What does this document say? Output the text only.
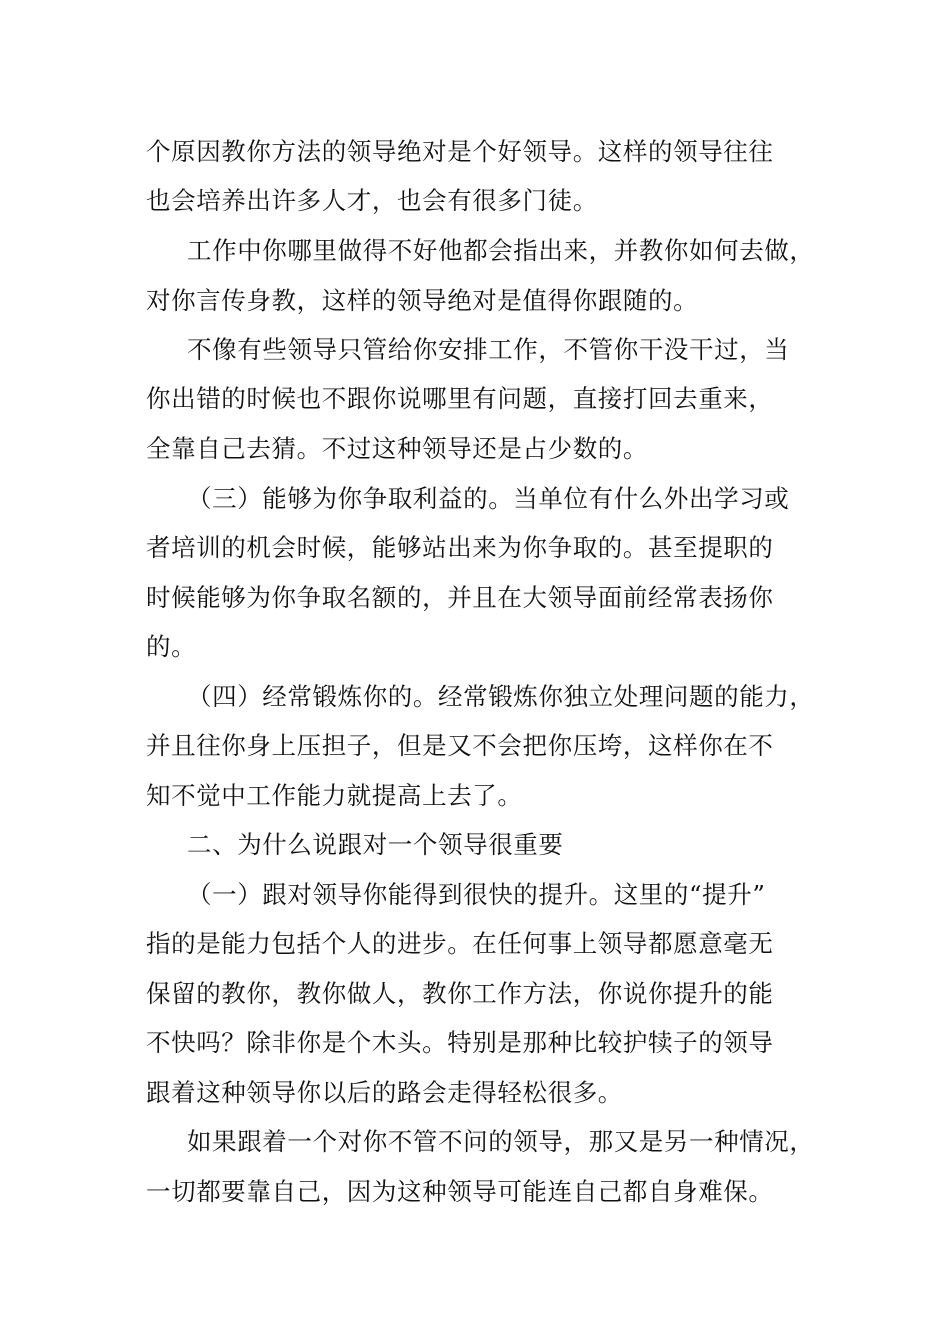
个原因教你方法的领导绝对是个好领导。这样的领导往往
也会培养出许多人才，也会有很多门徒。
工作中你哪里做得不好他都会指出来，并教你如何去做，
对你言传身教，这样的领导绝对是值得你跟随的。
不像有些领导只管给你安排工作，不管你干没干过，当
你出错的时候也不跟你说哪里有问题，直接打回去重来，
全靠自己去猜。不过这种领导还是占少数的。
（三）能够为你争取利益的。当单位有什么外出学习或
者培训的机会时候，能够站出来为你争取的。甚至提职的
时候能够为你争取名额的，并且在大领导面前经常表扬你
的。
（四）经常锻炼你的。经常锻炼你独立处理问题的能力，
并且往你身上压担子，但是又不会把你压垮，这样你在不
知不觉中工作能力就提高上去了。
二、为什么说跟对一个领导很重要
（一）跟对领导你能得到很快的提升。这里的“提升”
指的是能力包括个人的进步。在任何事上领导都愿意毫无
保留的教你，教你做人，教你工作方法，你说你提升的能
不快吗？除非你是个木头。特别是那种比较护犊子的领导
跟着这种领导你以后的路会走得轻松很多。
如果跟着一个对你不管不问的领导，那又是另一种情况，
一切都要靠自己，因为这种领导可能连自己都自身难保。
